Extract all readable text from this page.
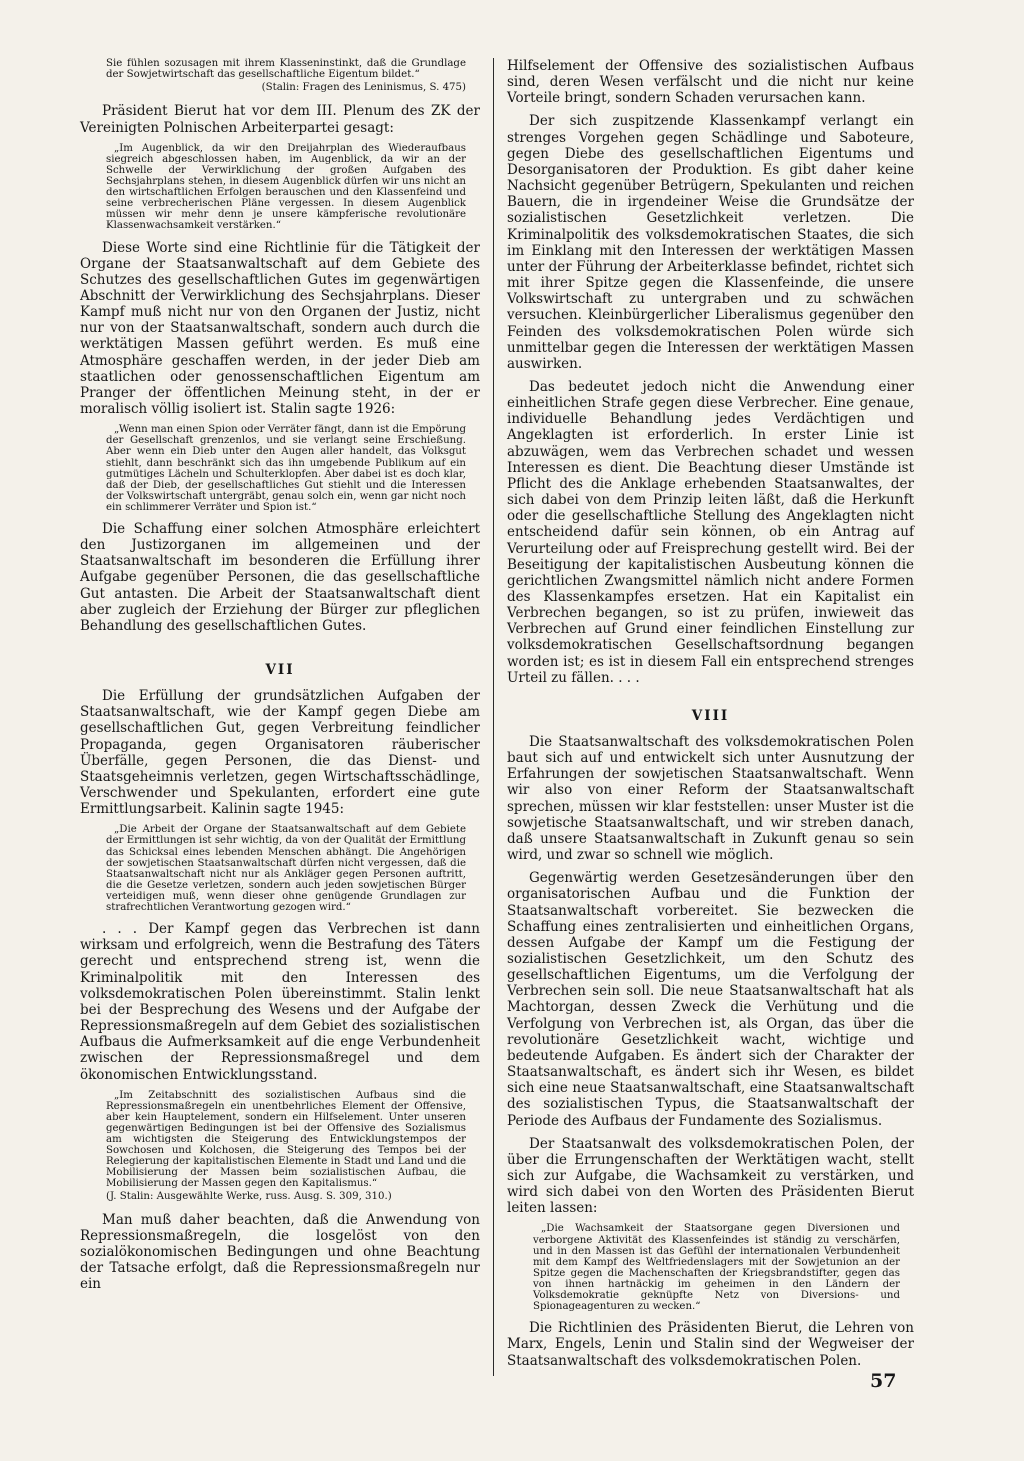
Sie fühlen sozusagen mit ihrem Klasseninstinkt, daß die Grundlage der Sowjetwirtschaft das gesellschaftliche Eigentum bildet.“

(Stalin: Fragen des Leninismus, S. 475)

Präsident Bierut hat vor dem III. Plenum des ZK der Vereinigten Polnischen Arbeiterpartei gesagt:

„Im Augenblick, da wir den Dreijahrplan des Wiederaufbaus siegreich abgeschlossen haben, im Augenblick, da wir an der Schwelle der Verwirklichung der großen Aufgaben des Sechsjahrplans stehen, in diesem Augenblick dürfen wir uns nicht an den wirtschaftlichen Erfolgen berauschen und den Klassenfeind und seine verbrecherischen Pläne vergessen. In diesem Augenblick müssen wir mehr denn je unsere kämpferische revolutionäre Klassenwachsamkeit verstärken.“

Diese Worte sind eine Richtlinie für die Tätigkeit der Organe der Staatsanwaltschaft auf dem Gebiete des Schutzes des gesellschaftlichen Gutes im gegenwärtigen Abschnitt der Verwirklichung des Sechsjahrplans. Dieser Kampf muß nicht nur von den Organen der Justiz, nicht nur von der Staatsanwaltschaft, sondern auch durch die werktätigen Massen geführt werden. Es muß eine Atmosphäre geschaffen werden, in der jeder Dieb am staatlichen oder genossenschaftlichen Eigentum am Pranger der öffentlichen Meinung steht, in der er moralisch völlig isoliert ist. Stalin sagte 1926:

„Wenn man einen Spion oder Verräter fängt, dann ist die Empörung der Gesellschaft grenzenlos, und sie verlangt seine Erschießung. Aber wenn ein Dieb unter den Augen aller handelt, das Volksgut stiehlt, dann beschränkt sich das ihn umgebende Publikum auf ein gutmütiges Lächeln und Schulterklopfen. Aber dabei ist es doch klar, daß der Dieb, der gesellschaftliches Gut stiehlt und die Interessen der Volkswirtschaft untergräbt, genau solch ein, wenn gar nicht noch ein schlimmerer Verräter und Spion ist.“

Die Schaffung einer solchen Atmosphäre erleichtert den Justizorganen im allgemeinen und der Staatsanwaltschaft im besonderen die Erfüllung ihrer Aufgabe gegenüber Personen, die das gesellschaftliche Gut antasten. Die Arbeit der Staatsanwaltschaft dient aber zugleich der Erziehung der Bürger zur pfleglichen Behandlung des gesellschaftlichen Gutes.

VII

Die Erfüllung der grundsätzlichen Aufgaben der Staatsanwaltschaft, wie der Kampf gegen Diebe am gesellschaftlichen Gut, gegen Verbreitung feindlicher Propaganda, gegen Organisatoren räuberischer Überfälle, gegen Personen, die das Dienst- und Staatsgeheimnis verletzen, gegen Wirtschaftsschädlinge, Verschwender und Spekulanten, erfordert eine gute Ermittlungsarbeit. Kalinin sagte 1945:

„Die Arbeit der Organe der Staatsanwaltschaft auf dem Gebiete der Ermittlungen ist sehr wichtig, da von der Qualität der Ermittlung das Schicksal eines lebenden Menschen abhängt. Die Angehörigen der sowjetischen Staatsanwaltschaft dürfen nicht vergessen, daß die Staatsanwaltschaft nicht nur als Ankläger gegen Personen auftritt, die die Gesetze verletzen, sondern auch jeden sowjetischen Bürger verteidigen muß, wenn dieser ohne genügende Grundlagen zur strafrechtlichen Verantwortung gezogen wird.“

. . . Der Kampf gegen das Verbrechen ist dann wirksam und erfolgreich, wenn die Bestrafung des Täters gerecht und entsprechend streng ist, wenn die Kriminalpolitik mit den Interessen des volksdemokratischen Polen übereinstimmt. Stalin lenkt bei der Besprechung des Wesens und der Aufgabe der Repressionsmaßregeln auf dem Gebiet des sozialistischen Aufbaus die Aufmerksamkeit auf die enge Verbundenheit zwischen der Repressionsmaßregel und dem ökonomischen Entwicklungsstand.

„Im Zeitabschnitt des sozialistischen Aufbaus sind die Repressionsmaßregeln ein unentbehrliches Element der Offensive, aber kein Hauptelement, sondern ein Hilfselement. Unter unseren gegenwärtigen Bedingungen ist bei der Offensive des Sozialismus am wichtigsten die Steigerung des Entwicklungstempos der Sowchosen und Kolchosen, die Steigerung des Tempos bei der Relegierung der kapitalistischen Elemente in Stadt und Land und die Mobilisierung der Massen beim sozialistischen Aufbau, die Mobilisierung der Massen gegen den Kapitalismus.“

(J. Stalin: Ausgewählte Werke, russ. Ausg. S. 309, 310.)

Man muß daher beachten, daß die Anwendung von Repressionsmaßregeln, die losgelöst von den sozialökonomischen Bedingungen und ohne Beachtung der Tatsache erfolgt, daß die Repressionsmaßregeln nur ein

Hilfselement der Offensive des sozialistischen Aufbaus sind, deren Wesen verfälscht und die nicht nur keine Vorteile bringt, sondern Schaden verursachen kann.

Der sich zuspitzende Klassenkampf verlangt ein strenges Vorgehen gegen Schädlinge und Saboteure, gegen Diebe des gesellschaftlichen Eigentums und Desorganisatoren der Produktion. Es gibt daher keine Nachsicht gegenüber Betrügern, Spekulanten und reichen Bauern, die in irgendeiner Weise die Grundsätze der sozialistischen Gesetzlichkeit verletzen. Die Kriminalpolitik des volksdemokratischen Staates, die sich im Einklang mit den Interessen der werktätigen Massen unter der Führung der Arbeiterklasse befindet, richtet sich mit ihrer Spitze gegen die Klassenfeinde, die unsere Volkswirtschaft zu untergraben und zu schwächen versuchen. Kleinbürgerlicher Liberalismus gegenüber den Feinden des volksdemokratischen Polen würde sich unmittelbar gegen die Interessen der werktätigen Massen auswirken.

Das bedeutet jedoch nicht die Anwendung einer einheitlichen Strafe gegen diese Verbrecher. Eine genaue, individuelle Behandlung jedes Verdächtigen und Angeklagten ist erforderlich. In erster Linie ist abzuwägen, wem das Verbrechen schadet und wessen Interessen es dient. Die Beachtung dieser Umstände ist Pflicht des die Anklage erhebenden Staatsanwaltes, der sich dabei von dem Prinzip leiten läßt, daß die Herkunft oder die gesellschaftliche Stellung des Angeklagten nicht entscheidend dafür sein können, ob ein Antrag auf Verurteilung oder auf Freisprechung gestellt wird. Bei der Beseitigung der kapitalistischen Ausbeutung können die gerichtlichen Zwangsmittel nämlich nicht andere Formen des Klassenkampfes ersetzen. Hat ein Kapitalist ein Verbrechen begangen, so ist zu prüfen, inwieweit das Verbrechen auf Grund einer feindlichen Einstellung zur volksdemokratischen Gesellschaftsordnung begangen worden ist; es ist in diesem Fall ein entsprechend strenges Urteil zu fällen. . . .

VIII

Die Staatsanwaltschaft des volksdemokratischen Polen baut sich auf und entwickelt sich unter Ausnutzung der Erfahrungen der sowjetischen Staatsanwaltschaft. Wenn wir also von einer Reform der Staatsanwaltschaft sprechen, müssen wir klar feststellen: unser Muster ist die sowjetische Staatsanwaltschaft, und wir streben danach, daß unsere Staatsanwaltschaft in Zukunft genau so sein wird, und zwar so schnell wie möglich.

Gegenwärtig werden Gesetzesänderungen über den organisatorischen Aufbau und die Funktion der Staatsanwaltschaft vorbereitet. Sie bezwecken die Schaffung eines zentralisierten und einheitlichen Organs, dessen Aufgabe der Kampf um die Festigung der sozialistischen Gesetzlichkeit, um den Schutz des gesellschaftlichen Eigentums, um die Verfolgung der Verbrechen sein soll. Die neue Staatsanwaltschaft hat als Machtorgan, dessen Zweck die Verhütung und die Verfolgung von Verbrechen ist, als Organ, das über die revolutionäre Gesetzlichkeit wacht, wichtige und bedeutende Aufgaben. Es ändert sich der Charakter der Staatsanwaltschaft, es ändert sich ihr Wesen, es bildet sich eine neue Staatsanwaltschaft, eine Staatsanwaltschaft des sozialistischen Typus, die Staatsanwaltschaft der Periode des Aufbaus der Fundamente des Sozialismus.

Der Staatsanwalt des volksdemokratischen Polen, der über die Errungenschaften der Werktätigen wacht, stellt sich zur Aufgabe, die Wachsamkeit zu verstärken, und wird sich dabei von den Worten des Präsidenten Bierut leiten lassen:

„Die Wachsamkeit der Staatsorgane gegen Diversionen und verborgene Aktivität des Klassenfeindes ist ständig zu verschärfen, und in den Massen ist das Gefühl der internationalen Verbundenheit mit dem Kampf des Weltfriedenslagers mit der Sowjetunion an der Spitze gegen die Machenschaften der Kriegsbrandstifter, gegen das von ihnen hartnäckig im geheimen in den Ländern der Volksdemokratie geknüpfte Netz von Diversions- und Spionageagenturen zu wecken.“

Die Richtlinien des Präsidenten Bierut, die Lehren von Marx, Engels, Lenin und Stalin sind der Wegweiser der Staatsanwaltschaft des volksdemokratischen Polen.

57
